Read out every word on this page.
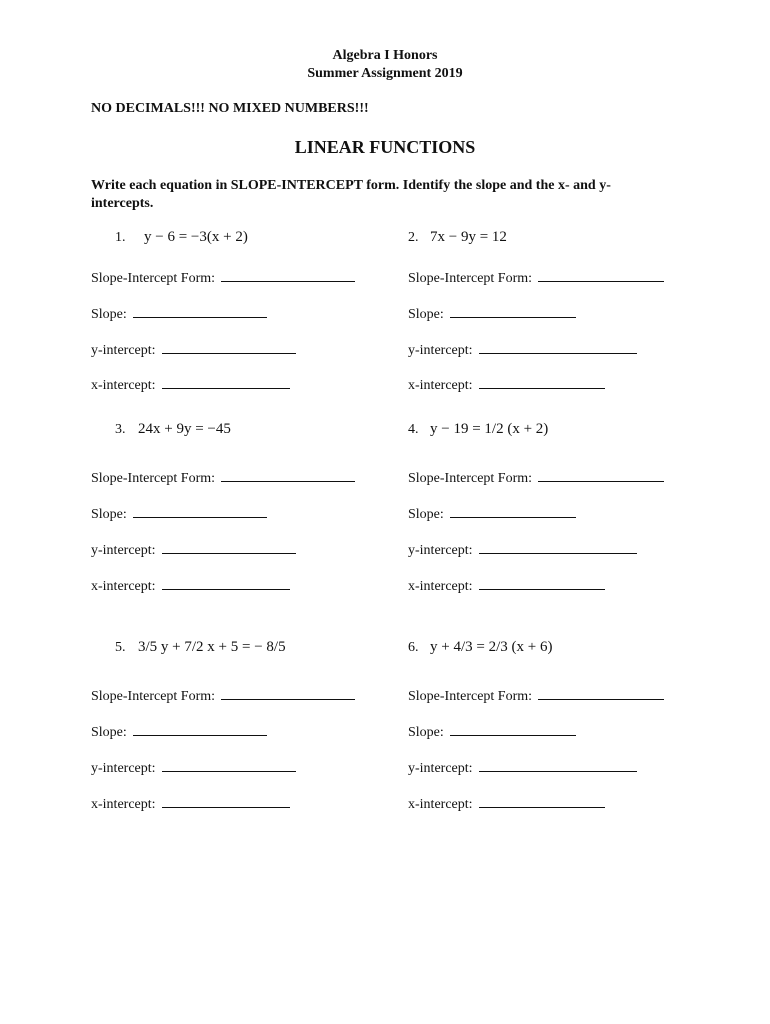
Algebra I Honors
Summer Assignment 2019
NO DECIMALS!!! NO MIXED NUMBERS!!!
LINEAR FUNCTIONS
Write each equation in SLOPE-INTERCEPT form. Identify the slope and the x- and y-intercepts.
1. y − 6 = −3(x + 2)	2. 7x − 9y = 12
Slope-Intercept Form:
Slope:
y-intercept:
x-intercept:
Slope-Intercept Form:
Slope:
y-intercept:
x-intercept:
3. 24x + 9y = −45	4. y − 19 = 1/2 (x + 2)
Slope-Intercept Form:
Slope:
y-intercept:
x-intercept:
Slope-Intercept Form:
Slope:
y-intercept:
x-intercept:
5. 3/5 y + 7/2 x + 5 = − 8/5	6. y + 4/3 = 2/3 (x + 6)
Slope-Intercept Form:
Slope:
y-intercept:
x-intercept:
Slope-Intercept Form:
Slope:
y-intercept:
x-intercept:
